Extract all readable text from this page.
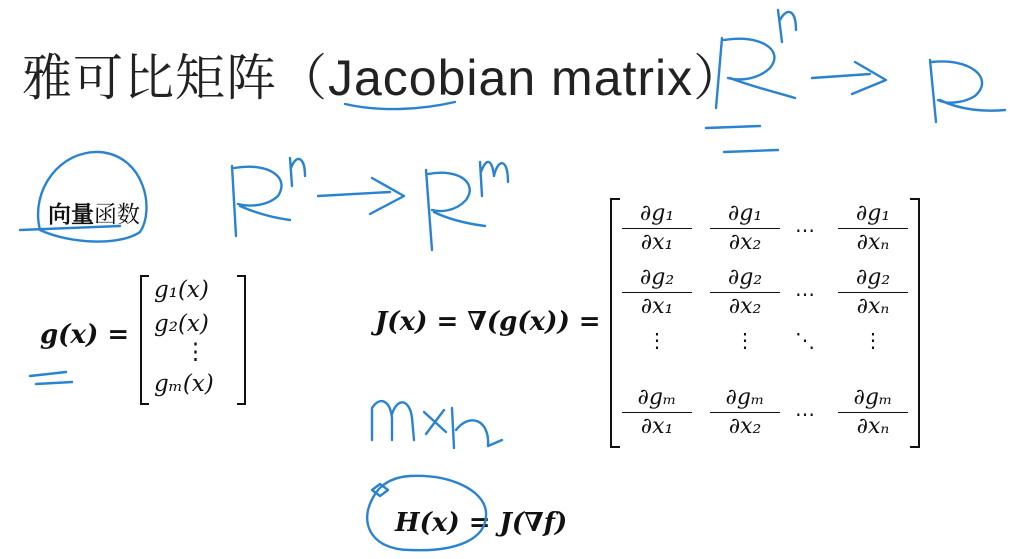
雅可比矩阵（Jacobian matrix）
向量函数
g(x) =
g₁(x)
g₂(x)
⋮
gₘ(x)
J(x) = ∇(g(x)) =
$\frac{\text{∂g₁}}{\text{∂x₁}} \frac{\text{∂g₁}}{\text{∂x₂}}$ ⋯	$\frac{\text{∂g₁}}{\text{∂xₙ}}$
$\frac{\text{∂g₂}}{\text{∂x₁}} \frac{\text{∂g₂}}{\text{∂x₂}}$ ⋯	$\frac{\text{∂g₂}}{\text{∂xₙ}}$
⋮	⋮	⋱	⋮
$\frac{\text{∂gₘ}}{\text{∂x₁}} \frac{\text{∂gₘ}}{\text{∂x₂}}$ ⋯	$\frac{\text{∂gₘ}}{\text{∂xₙ}}$
H(x) = J(∇f)
